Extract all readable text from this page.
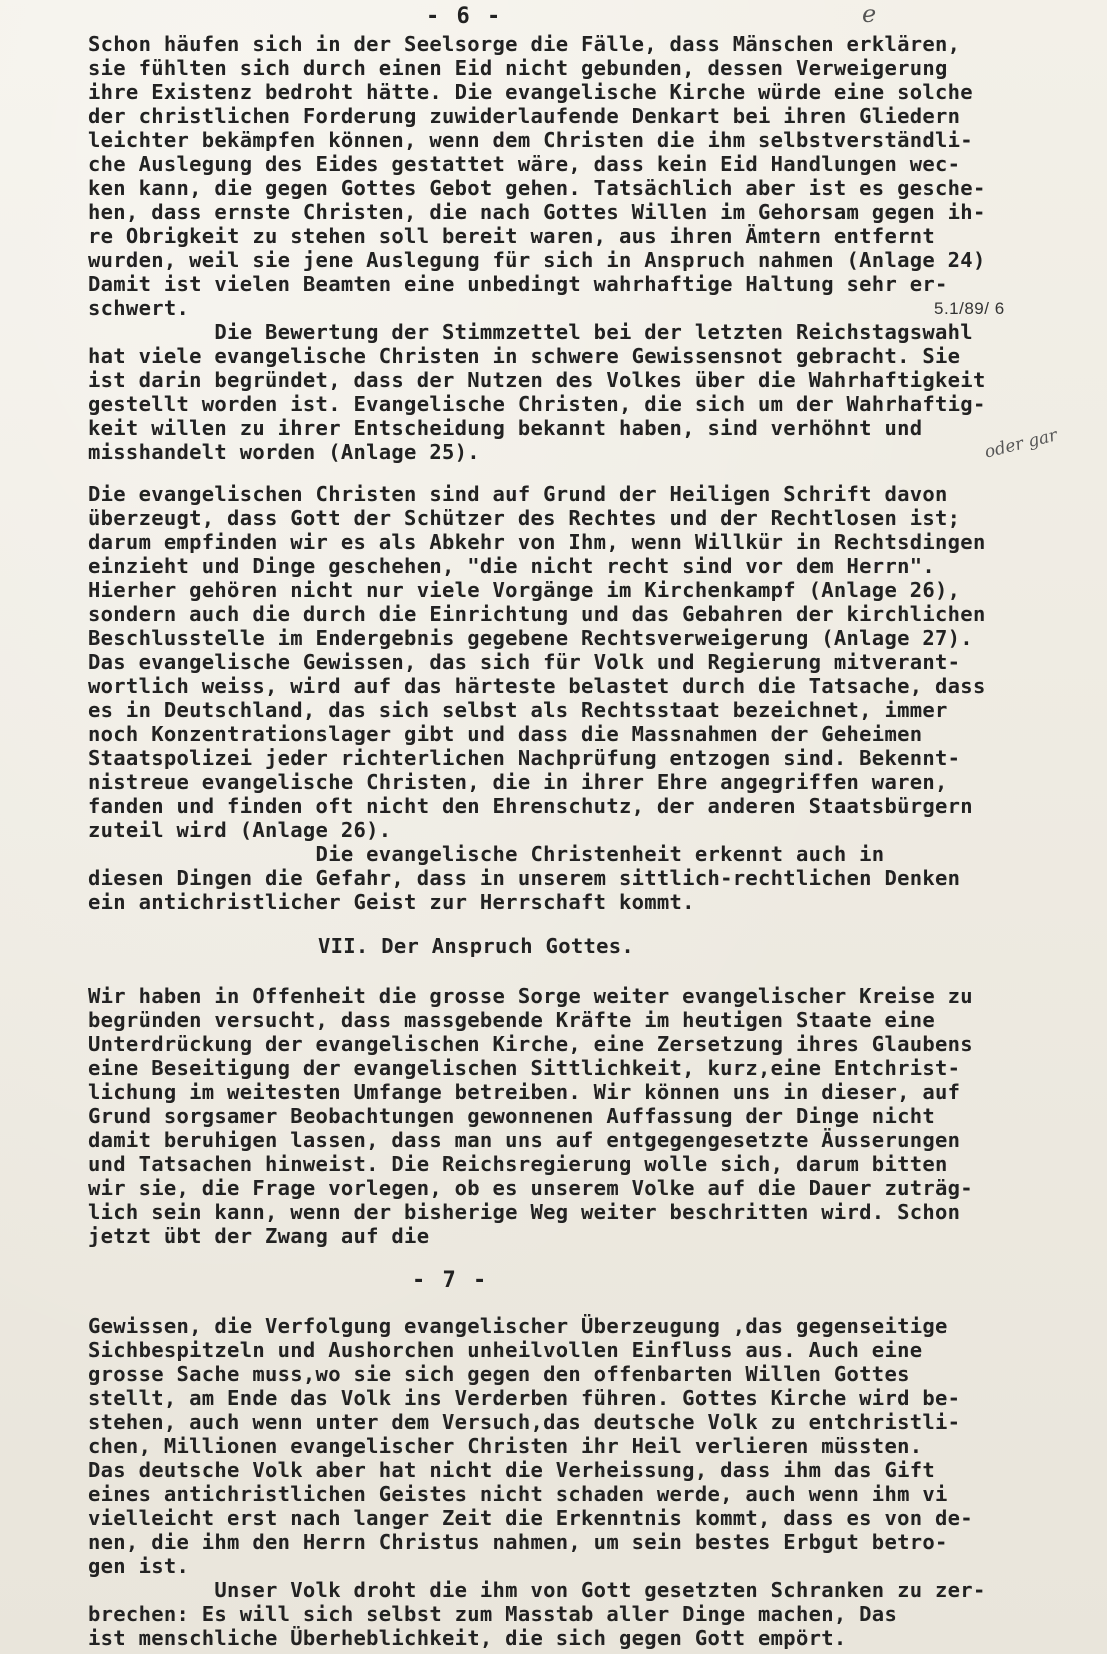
- 6 -	e
Schon häufen sich in der Seelsorge die Fälle, dass Mänschen erklären,
sie fühlten sich durch einen Eid nicht gebunden, dessen Verweigerung
ihre Existenz bedroht hätte. Die evangelische Kirche würde eine solche
der christlichen Forderung zuwiderlaufende Denkart bei ihren Gliedern
leichter bekämpfen können, wenn dem Christen die ihm selbstverständli-
che Auslegung des Eides gestattet wäre, dass kein Eid Handlungen wec-
ken kann, die gegen Gottes Gebot gehen. Tatsächlich aber ist es gesche-
hen, dass ernste Christen, die nach Gottes Willen im Gehorsam gegen ih-
re Obrigkeit zu stehen soll bereit waren, aus ihren Ämtern entfernt
wurden, weil sie jene Auslegung für sich in Anspruch nahmen (Anlage 24)
Damit ist vielen Beamten eine unbedingt wahrhaftige Haltung sehr er-
schwert.	5.1/89/ 6
Die Bewertung der Stimmzettel bei der letzten Reichstagswahl
hat viele evangelische Christen in schwere Gewissensnot gebracht. Sie
ist darin begründet, dass der Nutzen des Volkes über die Wahrhaftigkeit
gestellt worden ist. Evangelische Christen, die sich um der Wahrhaftig-
keit willen zu ihrer Entscheidung bekannt haben, sind verhöhnt und
misshandelt worden (Anlage 25).	oder gar
Die evangelischen Christen sind auf Grund der Heiligen Schrift davon
überzeugt, dass Gott der Schützer des Rechtes und der Rechtlosen ist;
darum empfinden wir es als Abkehr von Ihm, wenn Willkür in Rechtsdingen
einzieht und Dinge geschehen, "die nicht recht sind vor dem Herrn".
Hierher gehören nicht nur viele Vorgänge im Kirchenkampf (Anlage 26),
sondern auch die durch die Einrichtung und das Gebahren der kirchlichen
Beschlusstelle im Endergebnis gegebene Rechtsverweigerung (Anlage 27).
Das evangelische Gewissen, das sich für Volk und Regierung mitverant-
wortlich weiss, wird auf das härteste belastet durch die Tatsache, dass
es in Deutschland, das sich selbst als Rechtsstaat bezeichnet, immer
noch Konzentrationslager gibt und dass die Massnahmen der Geheimen
Staatspolizei jeder richterlichen Nachprüfung entzogen sind. Bekennt-
nistreue evangelische Christen, die in ihrer Ehre angegriffen waren,
fanden und finden oft nicht den Ehrenschutz, der anderen Staatsbürgern
zuteil wird (Anlage 26).
Die evangelische Christenheit erkennt auch in
diesen Dingen die Gefahr, dass in unserem sittlich-rechtlichen Denken
ein antichristlicher Geist zur Herrschaft kommt.
VII. Der Anspruch Gottes.
Wir haben in Offenheit die grosse Sorge weiter evangelischer Kreise zu
begründen versucht, dass massgebende Kräfte im heutigen Staate eine
Unterdrückung der evangelischen Kirche, eine Zersetzung ihres Glaubens
eine Beseitigung der evangelischen Sittlichkeit, kurz,eine Entchrist-
lichung im weitesten Umfange betreiben. Wir können uns in dieser, auf
Grund sorgsamer Beobachtungen gewonnenen Auffassung der Dinge nicht
damit beruhigen lassen, dass man uns auf entgegengesetzte Äusserungen
und Tatsachen hinweist. Die Reichsregierung wolle sich, darum bitten
wir sie, die Frage vorlegen, ob es unserem Volke auf die Dauer zuträg-
lich sein kann, wenn der bisherige Weg weiter beschritten wird. Schon
jetzt übt der Zwang auf die
- 7 -
Gewissen, die Verfolgung evangelischer Überzeugung ,das gegenseitige
Sichbespitzeln und Aushorchen unheilvollen Einfluss aus. Auch eine
grosse Sache muss,wo sie sich gegen den offenbarten Willen Gottes
stellt, am Ende das Volk ins Verderben führen. Gottes Kirche wird be-
stehen, auch wenn unter dem Versuch,das deutsche Volk zu entchristli-
chen, Millionen evangelischer Christen ihr Heil verlieren müssten.
Das deutsche Volk aber hat nicht die Verheissung, dass ihm das Gift
eines antichristlichen Geistes nicht schaden werde, auch wenn ihm vi
vielleicht erst nach langer Zeit die Erkenntnis kommt, dass es von de-
nen, die ihm den Herrn Christus nahmen, um sein bestes Erbgut betro-
gen ist.
Unser Volk droht die ihm von Gott gesetzten Schranken zu zer-
brechen: Es will sich selbst zum Masstab aller Dinge machen, Das
ist menschliche Überheblichkeit, die sich gegen Gott empört.
